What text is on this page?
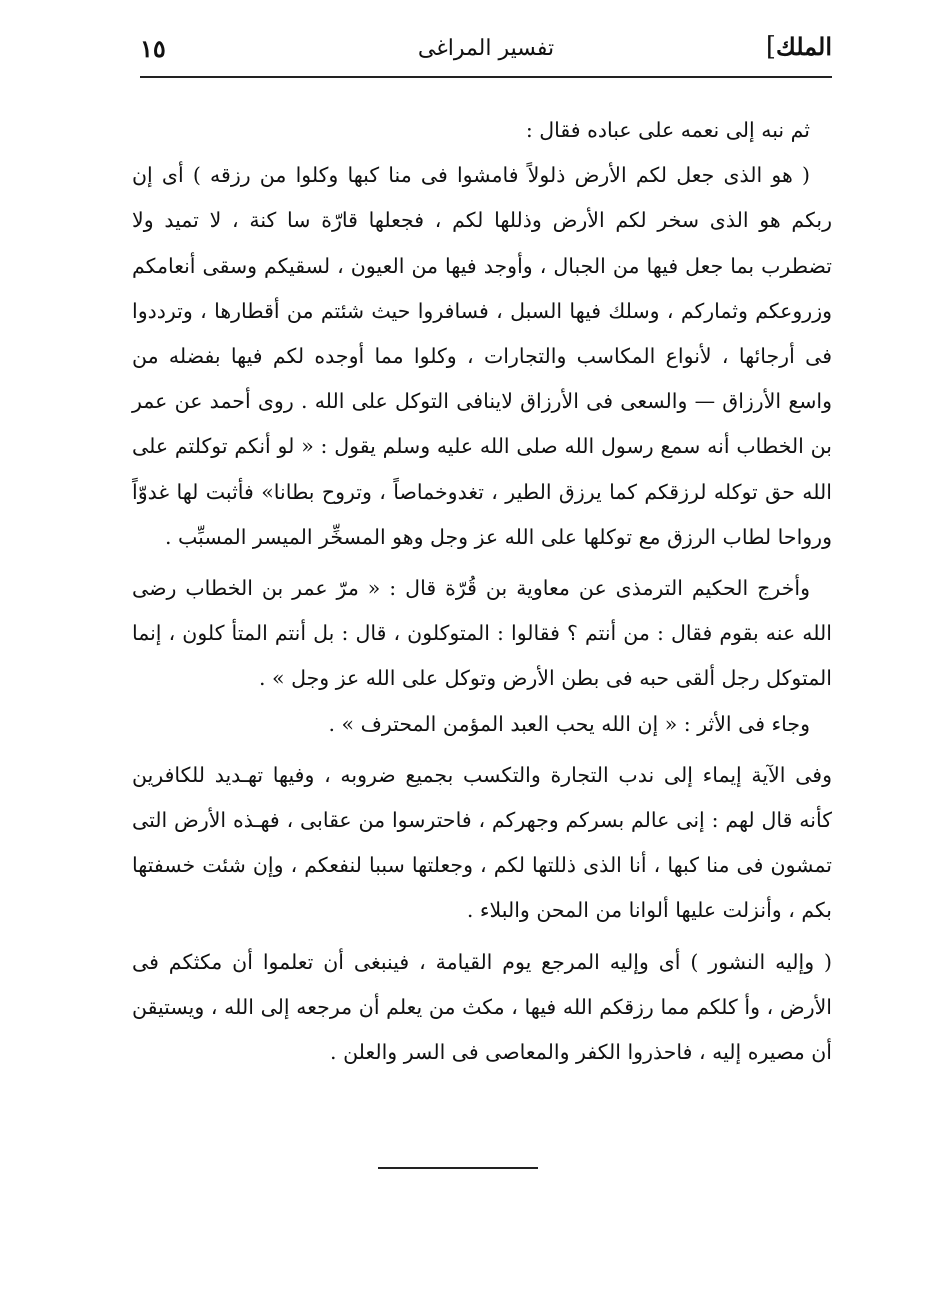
الملك]
تفسير المراغى
١٥

ثم نبه إلى نعمه على عباده فقال :

( هو الذى جعل لكم الأرض ذلولاً فامشوا فى منا كبها وكلوا من رزقه ) أى إن ربكم هو الذى سخر لكم الأرض وذللها لكم ، فجعلها قارّة سا كنة ، لا تميد ولا تضطرب بما جعل فيها من الجبال ، وأوجد فيها من العيون ، لسقيكم وسقى أنعامكم وزروعكم وثماركم ، وسلك فيها السبل ، فسافروا حيث شئتم من أقطارها ، وترددوا فى أرجائها ، لأنواع المكاسب والتجارات ، وكلوا مما أوجده لكم فيها بفضله من واسع الأرزاق — والسعى فى الأرزاق لاينافى التوكل على الله . روى أحمد عن عمر بن الخطاب أنه سمع رسول الله صلى الله عليه وسلم يقول : « لو أنكم توكلتم على الله حق توكله لرزقكم كما يرزق الطير ، تغدوخماصاً ، وتروح بطانا» فأثبت لها غدوّاً ورواحا لطاب الرزق مع توكلها على الله عز وجل وهو المسخِّر الميسر المسبِّب .

وأخرج الحكيم الترمذى عن معاوية بن قُرّة قال : « مرّ عمر بن الخطاب رضى الله عنه بقوم فقال : من أنتم ؟ فقالوا : المتوكلون ، قال : بل أنتم المتأ كلون ، إنما المتوكل رجل ألقى حبه فى بطن الأرض وتوكل على الله عز وجل » .

وجاء فى الأثر : « إن الله يحب العبد المؤمن المحترف » .

وفى الآية إيماء إلى ندب التجارة والتكسب بجميع ضروبه ، وفيها تهـديد للكافرين كأنه قال لهم : إنى عالم بسركم وجهركم ، فاحترسوا من عقابى ، فهـذه الأرض التى تمشون فى منا كبها ، أنا الذى ذللتها لكم ، وجعلتها سببا لنفعكم ، وإن شئت خسفتها بكم ، وأنزلت عليها ألوانا من المحن والبلاء .

( وإليه النشور ) أى وإليه المرجع يوم القيامة ، فينبغى أن تعلموا أن مكثكم فى الأرض ، وأ كلكم مما رزقكم الله فيها ، مكث من يعلم أن مرجعه إلى الله ، ويستيقن أن مصيره إليه ، فاحذروا الكفر والمعاصى فى السر والعلن .
